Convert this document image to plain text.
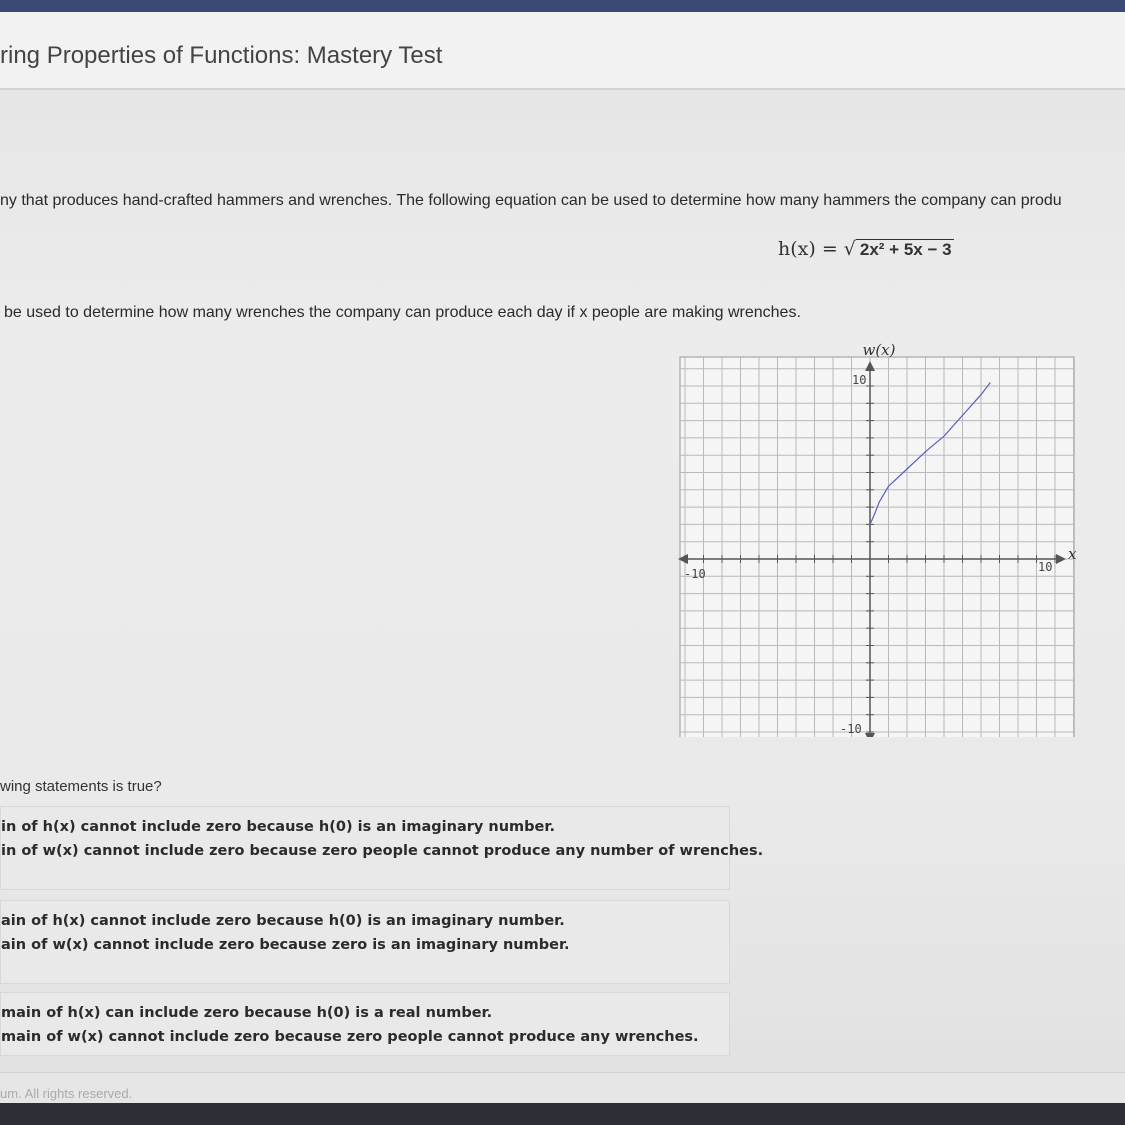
ring Properties of Functions: Mastery Test
ny that produces hand-crafted hammers and wrenches. The following equation can be used to determine how many hammers the company can produ
h(x) = √ 2x² + 5x − 3
be used to determine how many wrenches the company can produce each day if x people are making wrenches.
w(x)
x
-10	10
10
-10
wing statements is true?
in of h(x) cannot include zero because h(0) is an imaginary number.
in of w(x) cannot include zero because zero people cannot produce any number of wrenches.
ain of h(x) cannot include zero because h(0) is an imaginary number.
ain of w(x) cannot include zero because zero is an imaginary number.
main of h(x) can include zero because h(0) is a real number.
main of w(x) cannot include zero because zero people cannot produce any wrenches.
um. All rights reserved.
